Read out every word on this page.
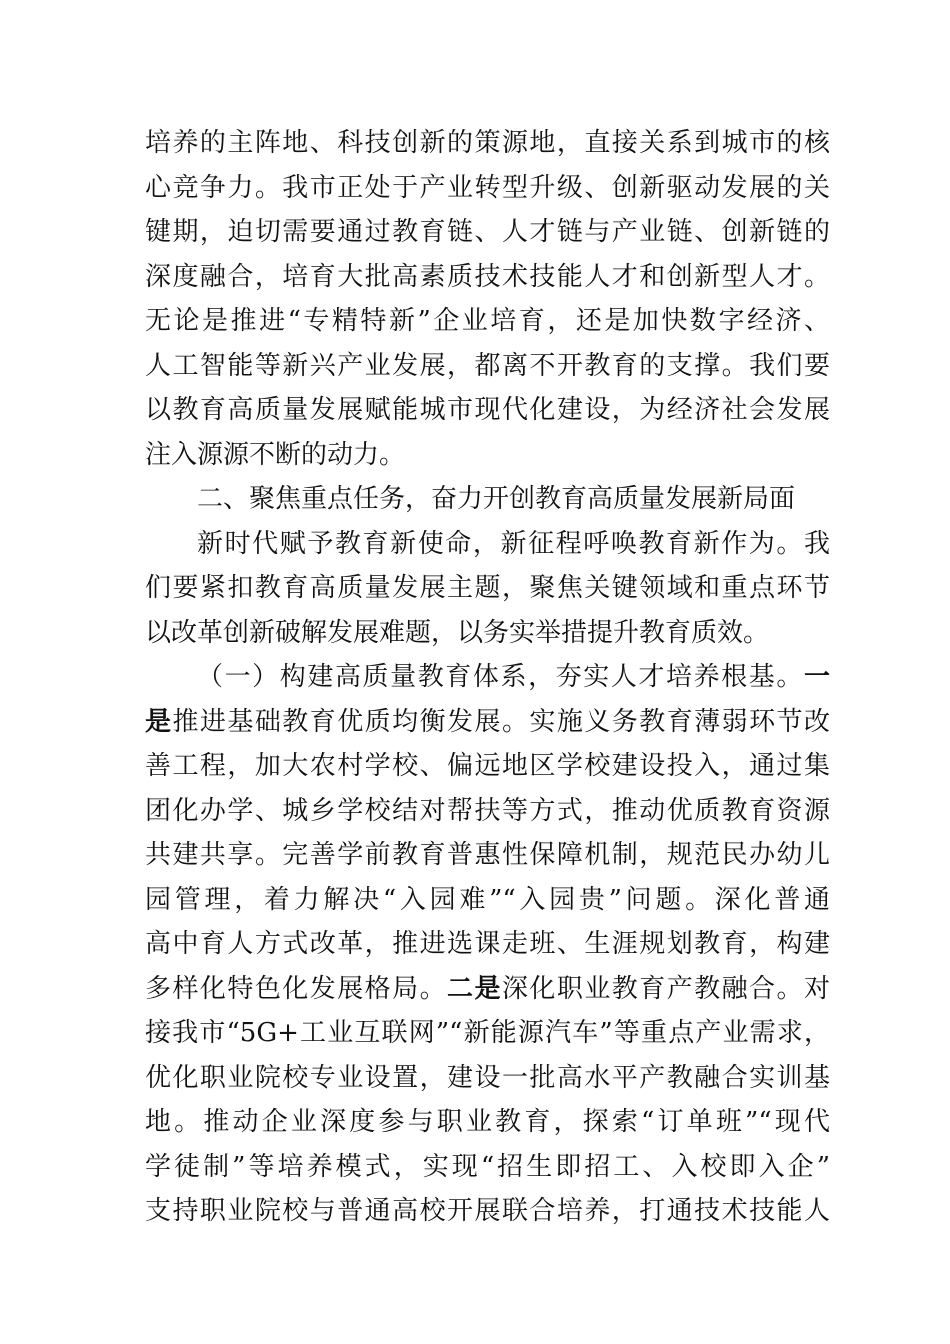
培养的主阵地、科技创新的策源地，直接关系到城市的核
心竞争力。我市正处于产业转型升级、创新驱动发展的关
键期，迫切需要通过教育链、人才链与产业链、创新链的
深度融合，培育大批高素质技术技能人才和创新型人才。
无论是推进“专精特新”企业培育，还是加快数字经济、
人工智能等新兴产业发展，都离不开教育的支撑。我们要
以教育高质量发展赋能城市现代化建设，为经济社会发展
注入源源不断的动力。
二、聚焦重点任务，奋力开创教育高质量发展新局面
新时代赋予教育新使命，新征程呼唤教育新作为。我
们要紧扣教育高质量发展主题，聚焦关键领域和重点环节
以改革创新破解发展难题，以务实举措提升教育质效。
（一）构建高质量教育体系，夯实人才培养根基。一
是推进基础教育优质均衡发展。实施义务教育薄弱环节改
善工程，加大农村学校、偏远地区学校建设投入，通过集
团化办学、城乡学校结对帮扶等方式，推动优质教育资源
共建共享。完善学前教育普惠性保障机制，规范民办幼儿
园管理，着力解决“入园难”“入园贵”问题。深化普通
高中育人方式改革，推进选课走班、生涯规划教育，构建
多样化特色化发展格局。二是深化职业教育产教融合。对
接我市“5G+工业互联网”“新能源汽车”等重点产业需求，
优化职业院校专业设置，建设一批高水平产教融合实训基
地。推动企业深度参与职业教育，探索“订单班”“现代
学徒制”等培养模式，实现“招生即招工、入校即入企”
支持职业院校与普通高校开展联合培养，打通技术技能人
